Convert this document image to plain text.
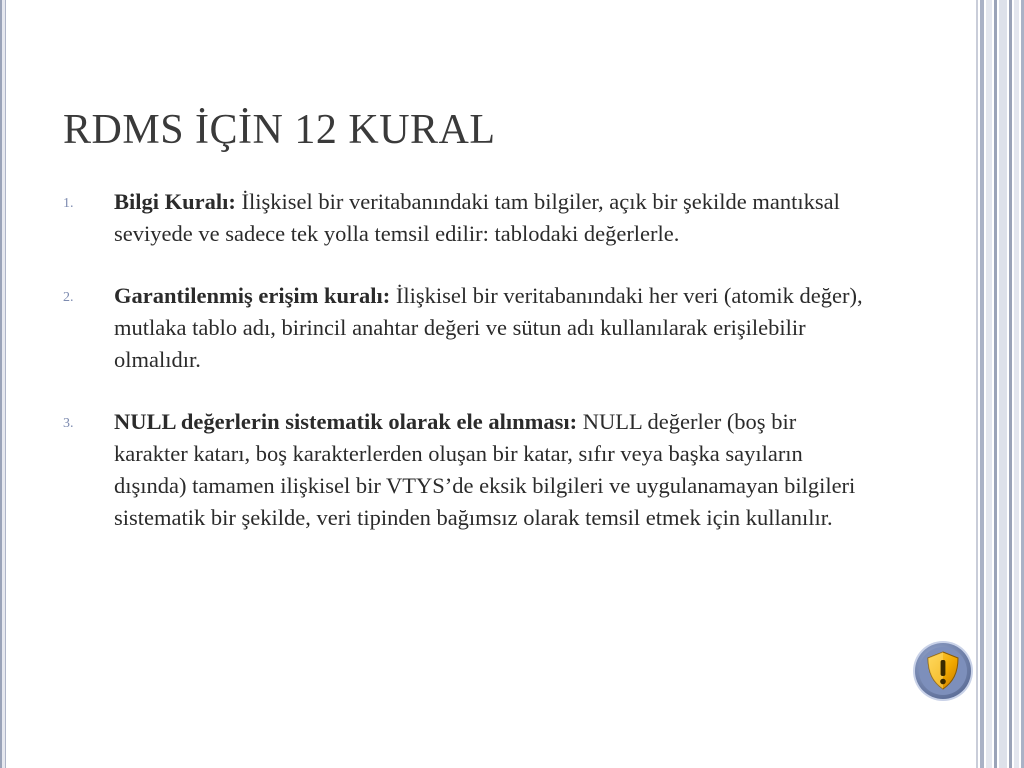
RDMS İÇİN 12 KURAL
1. Bilgi Kuralı: İlişkisel bir veritabanındaki tam bilgiler, açık bir şekilde mantıksal seviyede ve sadece tek yolla temsil edilir: tablodaki değerlerle.
2. Garantilenmiş erişim kuralı: İlişkisel bir veritabanındaki her veri (atomik değer), mutlaka tablo adı, birincil anahtar değeri ve sütun adı kullanılarak erişilebilir olmalıdır.
3. NULL değerlerin sistematik olarak ele alınması: NULL değerler (boş bir karakter katarı, boş karakterlerden oluşan bir katar, sıfır veya başka sayıların dışında) tamamen ilişkisel bir VTYS’de eksik bilgileri ve uygulanamayan bilgileri sistematik bir şekilde, veri tipinden bağımsız olarak temsil etmek için kullanılır.
